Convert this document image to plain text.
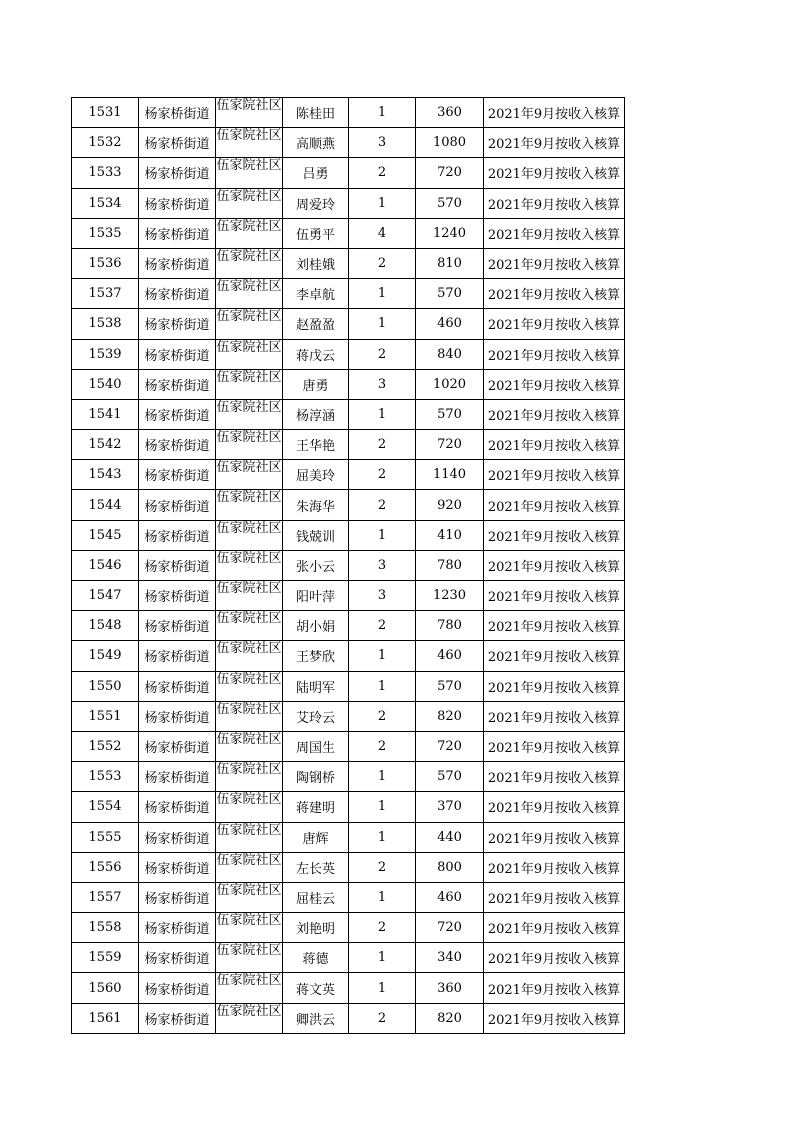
1531	杨家桥街道	伍家院社区	陈桂田	1	360	2021年9月按收入核算
1532	杨家桥街道	伍家院社区	高顺燕	3	1080	2021年9月按收入核算
1533	杨家桥街道	伍家院社区	吕勇	2	720	2021年9月按收入核算
1534	杨家桥街道	伍家院社区	周爱玲	1	570	2021年9月按收入核算
1535	杨家桥街道	伍家院社区	伍勇平	4	1240	2021年9月按收入核算
1536	杨家桥街道	伍家院社区	刘桂娥	2	810	2021年9月按收入核算
1537	杨家桥街道	伍家院社区	李卓航	1	570	2021年9月按收入核算
1538	杨家桥街道	伍家院社区	赵盈盈	1	460	2021年9月按收入核算
1539	杨家桥街道	伍家院社区	蒋戊云	2	840	2021年9月按收入核算
1540	杨家桥街道	伍家院社区	唐勇	3	1020	2021年9月按收入核算
1541	杨家桥街道	伍家院社区	杨淳涵	1	570	2021年9月按收入核算
1542	杨家桥街道	伍家院社区	王华艳	2	720	2021年9月按收入核算
1543	杨家桥街道	伍家院社区	屈美玲	2	1140	2021年9月按收入核算
1544	杨家桥街道	伍家院社区	朱海华	2	920	2021年9月按收入核算
1545	杨家桥街道	伍家院社区	钱兢训	1	410	2021年9月按收入核算
1546	杨家桥街道	伍家院社区	张小云	3	780	2021年9月按收入核算
1547	杨家桥街道	伍家院社区	阳叶萍	3	1230	2021年9月按收入核算
1548	杨家桥街道	伍家院社区	胡小娟	2	780	2021年9月按收入核算
1549	杨家桥街道	伍家院社区	王梦欣	1	460	2021年9月按收入核算
1550	杨家桥街道	伍家院社区	陆明军	1	570	2021年9月按收入核算
1551	杨家桥街道	伍家院社区	艾玲云	2	820	2021年9月按收入核算
1552	杨家桥街道	伍家院社区	周国生	2	720	2021年9月按收入核算
1553	杨家桥街道	伍家院社区	陶钢桥	1	570	2021年9月按收入核算
1554	杨家桥街道	伍家院社区	蒋建明	1	370	2021年9月按收入核算
1555	杨家桥街道	伍家院社区	唐辉	1	440	2021年9月按收入核算
1556	杨家桥街道	伍家院社区	左长英	2	800	2021年9月按收入核算
1557	杨家桥街道	伍家院社区	屈桂云	1	460	2021年9月按收入核算
1558	杨家桥街道	伍家院社区	刘艳明	2	720	2021年9月按收入核算
1559	杨家桥街道	伍家院社区	蒋德	1	340	2021年9月按收入核算
1560	杨家桥街道	伍家院社区	蒋文英	1	360	2021年9月按收入核算
1561	杨家桥街道	伍家院社区	卿洪云	2	820	2021年9月按收入核算
